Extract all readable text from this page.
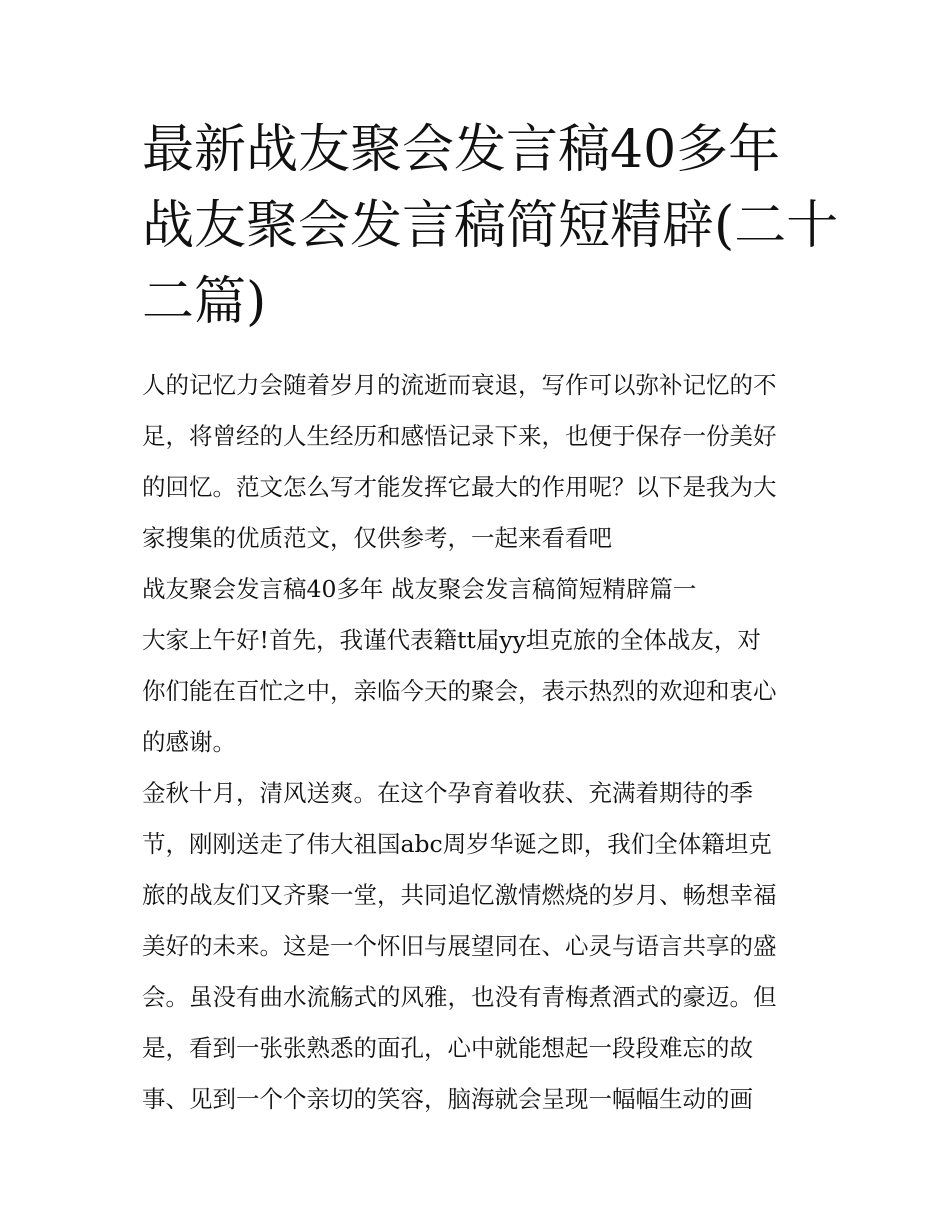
最新战友聚会发言稿40多年
战友聚会发言稿简短精辟(二十
二篇)

人的记忆力会随着岁月的流逝而衰退，写作可以弥补记忆的不
足，将曾经的人生经历和感悟记录下来，也便于保存一份美好
的回忆。范文怎么写才能发挥它最大的作用呢？以下是我为大
家搜集的优质范文，仅供参考，一起来看看吧

战友聚会发言稿40多年 战友聚会发言稿简短精辟篇一

大家上午好!首先，我谨代表籍tt届yy坦克旅的全体战友，对
你们能在百忙之中，亲临今天的聚会，表示热烈的欢迎和衷心
的感谢。

金秋十月，清风送爽。在这个孕育着收获、充满着期待的季
节，刚刚送走了伟大祖国abc周岁华诞之即，我们全体籍坦克
旅的战友们又齐聚一堂，共同追忆激情燃烧的岁月、畅想幸福
美好的未来。这是一个怀旧与展望同在、心灵与语言共享的盛
会。虽没有曲水流觞式的风雅，也没有青梅煮酒式的豪迈。但
是，看到一张张熟悉的面孔，心中就能想起一段段难忘的故
事、见到一个个亲切的笑容，脑海就会呈现一幅幅生动的画
